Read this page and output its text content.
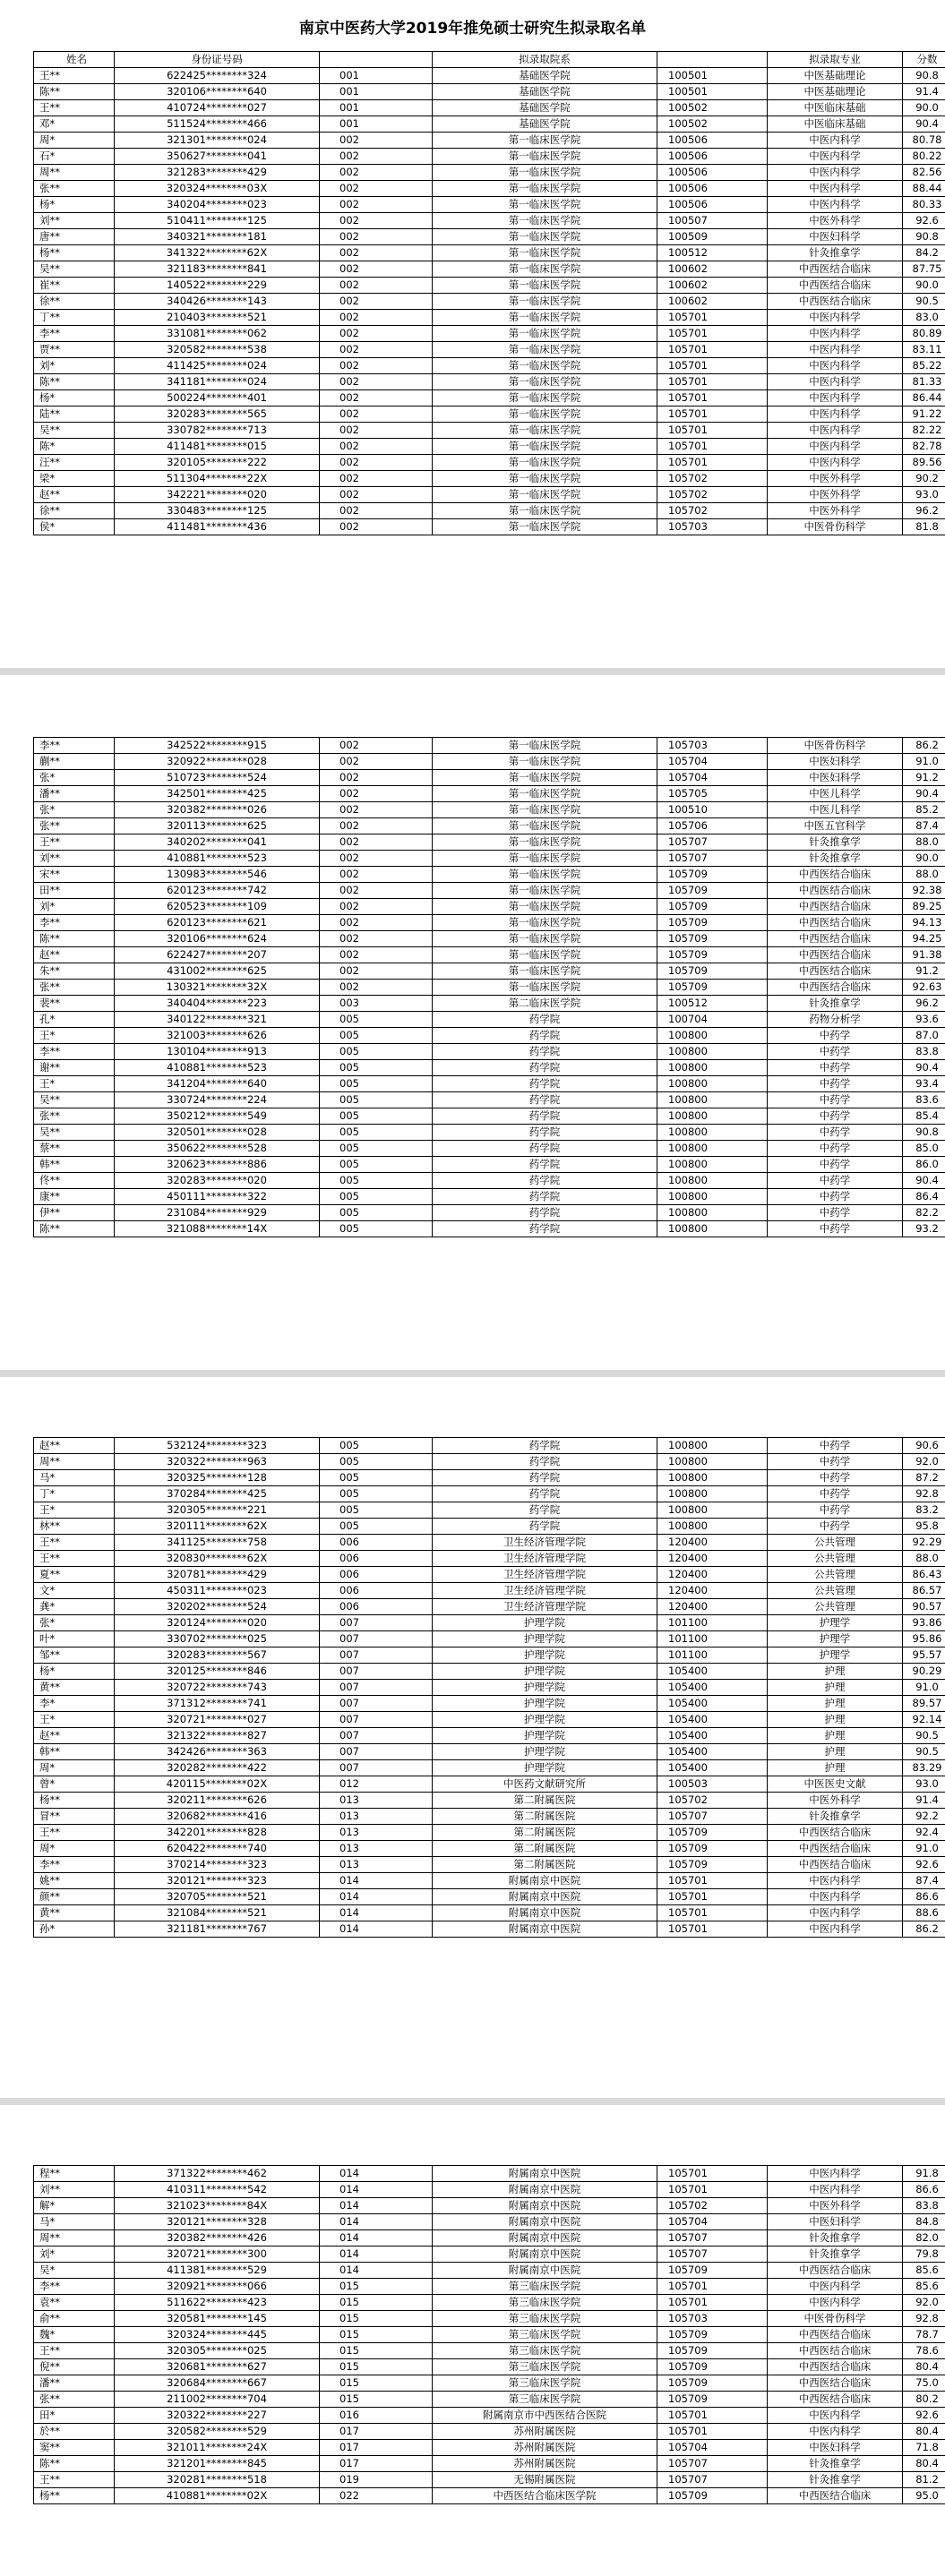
南京中医药大学2019年推免硕士研究生拟录取名单
姓名	身份证号码		拟录取院系		拟录取专业	分数
王**	622425********324	001	基础医学院	100501	中医基础理论	90.8
陈**	320106********640	001	基础医学院	100501	中医基础理论	91.4
王**	410724********027	001	基础医学院	100502	中医临床基础	90.0
邓*	511524********466	001	基础医学院	100502	中医临床基础	90.4
周*	321301********024	002	第一临床医学院	100506	中医内科学	80.78
石*	350627********041	002	第一临床医学院	100506	中医内科学	80.22
周**	321283********429	002	第一临床医学院	100506	中医内科学	82.56
张**	320324********03X	002	第一临床医学院	100506	中医内科学	88.44
杨*	340204********023	002	第一临床医学院	100506	中医内科学	80.33
刘**	510411********125	002	第一临床医学院	100507	中医外科学	92.6
唐**	340321********181	002	第一临床医学院	100509	中医妇科学	90.8
杨**	341322********62X	002	第一临床医学院	100512	针灸推拿学	84.2
吴**	321183********841	002	第一临床医学院	100602	中西医结合临床	87.75
崔**	140522********229	002	第一临床医学院	100602	中西医结合临床	90.0
徐**	340426********143	002	第一临床医学院	100602	中西医结合临床	90.5
丁**	210403********521	002	第一临床医学院	105701	中医内科学	83.0
李**	331081********062	002	第一临床医学院	105701	中医内科学	80.89
贾**	320582********538	002	第一临床医学院	105701	中医内科学	83.11
刘*	411425********024	002	第一临床医学院	105701	中医内科学	85.22
陈**	341181********024	002	第一临床医学院	105701	中医内科学	81.33
杨*	500224********401	002	第一临床医学院	105701	中医内科学	86.44
陆**	320283********565	002	第一临床医学院	105701	中医内科学	91.22
吴**	330782********713	002	第一临床医学院	105701	中医内科学	82.22
陈*	411481********015	002	第一临床医学院	105701	中医内科学	82.78
汪**	320105********222	002	第一临床医学院	105701	中医内科学	89.56
梁*	511304********22X	002	第一临床医学院	105702	中医外科学	90.2
赵**	342221********020	002	第一临床医学院	105702	中医外科学	93.0
徐**	330483********125	002	第一临床医学院	105702	中医外科学	96.2
侯*	411481********436	002	第一临床医学院	105703	中医骨伤科学	81.8
李**	342522********915	002	第一临床医学院	105703	中医骨伤科学	86.2
蒯**	320922********028	002	第一临床医学院	105704	中医妇科学	91.0
张*	510723********524	002	第一临床医学院	105704	中医妇科学	91.2
潘**	342501********425	002	第一临床医学院	105705	中医儿科学	90.4
张*	320382********026	002	第一临床医学院	100510	中医儿科学	85.2
张**	320113********625	002	第一临床医学院	105706	中医五官科学	87.4
王**	340202********041	002	第一临床医学院	105707	针灸推拿学	88.0
刘**	410881********523	002	第一临床医学院	105707	针灸推拿学	90.0
宋**	130983********546	002	第一临床医学院	105709	中西医结合临床	88.0
田**	620123********742	002	第一临床医学院	105709	中西医结合临床	92.38
刘*	620523********109	002	第一临床医学院	105709	中西医结合临床	89.25
李**	620123********621	002	第一临床医学院	105709	中西医结合临床	94.13
陈**	320106********624	002	第一临床医学院	105709	中西医结合临床	94.25
赵**	622427********207	002	第一临床医学院	105709	中西医结合临床	91.38
朱**	431002********625	002	第一临床医学院	105709	中西医结合临床	91.2
张**	130321********32X	002	第一临床医学院	105709	中西医结合临床	92.63
裴**	340404********223	003	第二临床医学院	100512	针灸推拿学	96.2
孔*	340122********321	005	药学院	100704	药物分析学	93.6
王*	321003********626	005	药学院	100800	中药学	87.0
李**	130104********913	005	药学院	100800	中药学	83.8
谢**	410881********523	005	药学院	100800	中药学	90.4
王*	341204********640	005	药学院	100800	中药学	93.4
吴**	330724********224	005	药学院	100800	中药学	83.6
张**	350212********549	005	药学院	100800	中药学	85.4
吴**	320501********028	005	药学院	100800	中药学	90.8
蔡**	350622********528	005	药学院	100800	中药学	85.0
韩**	320623********886	005	药学院	100800	中药学	86.0
佟**	320283********020	005	药学院	100800	中药学	90.4
康**	450111********322	005	药学院	100800	中药学	86.4
伊**	231084********929	005	药学院	100800	中药学	82.2
陈**	321088********14X	005	药学院	100800	中药学	93.2
赵**	532124********323	005	药学院	100800	中药学	90.6
周**	320322********963	005	药学院	100800	中药学	92.0
马*	320325********128	005	药学院	100800	中药学	87.2
丁*	370284********425	005	药学院	100800	中药学	92.8
王*	320305********221	005	药学院	100800	中药学	83.2
林**	320111********62X	005	药学院	100800	中药学	95.8
王**	341125********758	006	卫生经济管理学院	120400	公共管理	92.29
王**	320830********62X	006	卫生经济管理学院	120400	公共管理	88.0
夏**	320781********429	006	卫生经济管理学院	120400	公共管理	86.43
文*	450311********023	006	卫生经济管理学院	120400	公共管理	86.57
龚*	320202********524	006	卫生经济管理学院	120400	公共管理	90.57
张*	320124********020	007	护理学院	101100	护理学	93.86
叶*	330702********025	007	护理学院	101100	护理学	95.86
邹**	320283********567	007	护理学院	101100	护理学	95.57
杨*	320125********846	007	护理学院	105400	护理	90.29
黄**	320722********743	007	护理学院	105400	护理	91.0
李*	371312********741	007	护理学院	105400	护理	89.57
王*	320721********027	007	护理学院	105400	护理	92.14
赵**	321322********827	007	护理学院	105400	护理	90.5
韩**	342426********363	007	护理学院	105400	护理	90.5
周*	320282********422	007	护理学院	105400	护理	83.29
曾*	420115********02X	012	中医药文献研究所	100503	中医医史文献	93.0
杨**	320211********626	013	第二附属医院	105702	中医外科学	91.4
冒**	320682********416	013	第二附属医院	105707	针灸推拿学	92.2
王**	342201********828	013	第二附属医院	105709	中西医结合临床	92.4
周*	620422********740	013	第二附属医院	105709	中西医结合临床	91.0
李**	370214********323	013	第二附属医院	105709	中西医结合临床	92.6
姚**	320121********323	014	附属南京中医院	105701	中医内科学	87.4
颜**	320705********521	014	附属南京中医院	105701	中医内科学	86.6
黄**	321084********521	014	附属南京中医院	105701	中医内科学	88.6
孙*	321181********767	014	附属南京中医院	105701	中医内科学	86.2
程**	371322********462	014	附属南京中医院	105701	中医内科学	91.8
刘**	410311********542	014	附属南京中医院	105701	中医内科学	86.6
解*	321023********84X	014	附属南京中医院	105702	中医外科学	83.8
马*	320121********328	014	附属南京中医院	105704	中医妇科学	84.8
周**	320382********426	014	附属南京中医院	105707	针灸推拿学	82.0
刘*	320721********300	014	附属南京中医院	105707	针灸推拿学	79.8
吴*	411381********529	014	附属南京中医院	105709	中西医结合临床	85.6
李**	320921********066	015	第三临床医学院	105701	中医内科学	85.6
袁**	511622********423	015	第三临床医学院	105701	中医内科学	92.0
俞**	320581********145	015	第三临床医学院	105703	中医骨伤科学	92.8
魏*	320324********445	015	第三临床医学院	105709	中西医结合临床	78.7
王**	320305********025	015	第三临床医学院	105709	中西医结合临床	78.6
倪**	320681********627	015	第三临床医学院	105709	中西医结合临床	80.4
潘**	320684********667	015	第三临床医学院	105709	中西医结合临床	75.0
张**	211002********704	015	第三临床医学院	105709	中西医结合临床	80.2
田*	320322********227	016	附属南京市中西医结合医院	105701	中医内科学	92.6
於**	320582********529	017	苏州附属医院	105701	中医内科学	80.4
窦**	321011********24X	017	苏州附属医院	105704	中医妇科学	71.8
陈**	321201********845	017	苏州附属医院	105707	针灸推拿学	80.4
王**	320281********518	019	无锡附属医院	105707	针灸推拿学	81.2
杨**	410881********02X	022	中西医结合临床医学院	105709	中西医结合临床	95.0
